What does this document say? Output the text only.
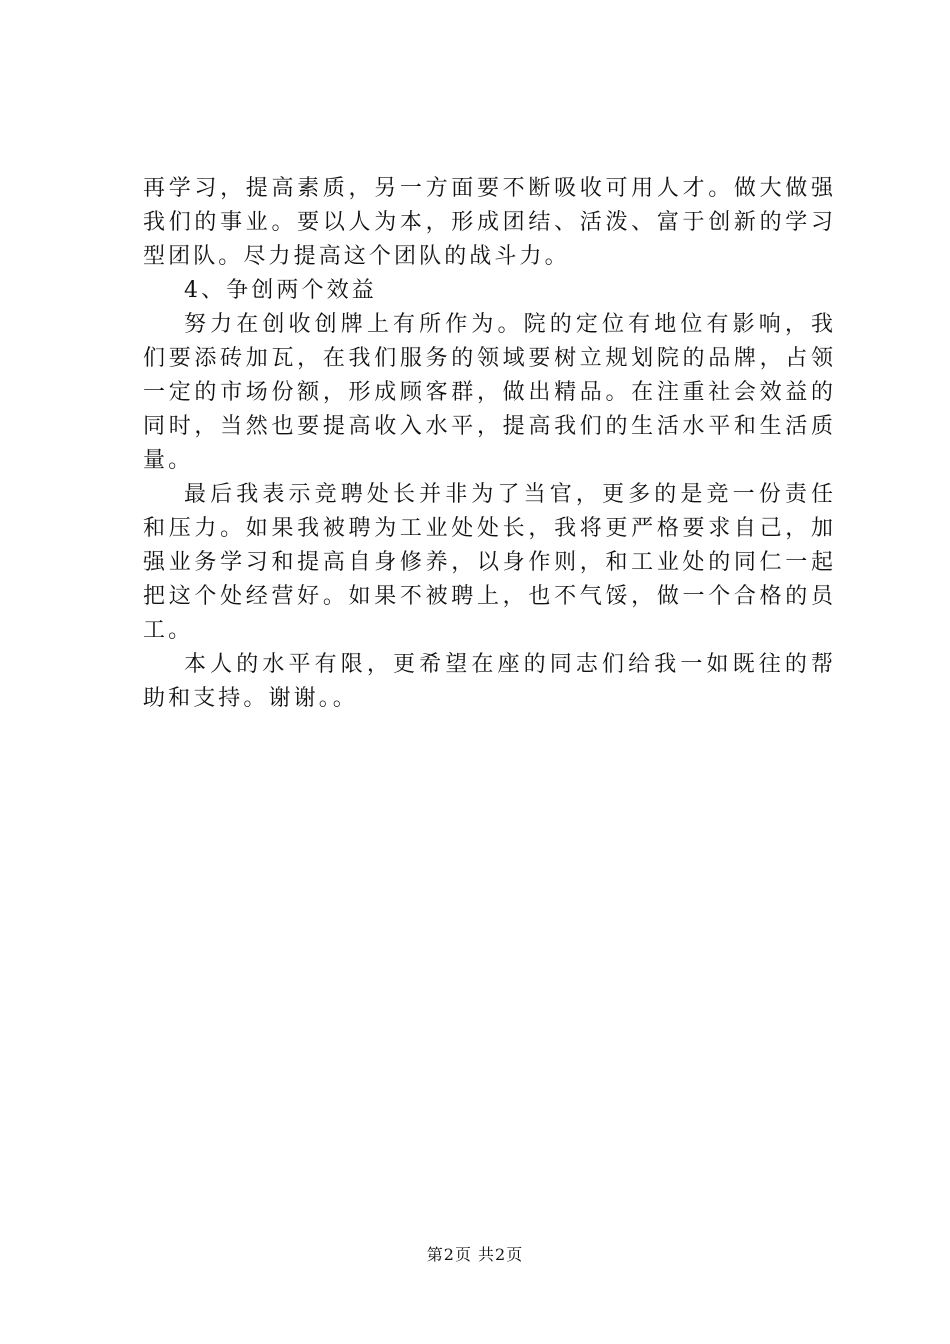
再学习，提高素质，另一方面要不断吸收可用人才。做大做强
我们的事业。要以人为本，形成团结、活泼、富于创新的学习
型团队。尽力提高这个团队的战斗力。
4、争创两个效益
努力在创收创牌上有所作为。院的定位有地位有影响，我
们要添砖加瓦，在我们服务的领域要树立规划院的品牌，占领
一定的市场份额，形成顾客群，做出精品。在注重社会效益的
同时，当然也要提高收入水平，提高我们的生活水平和生活质
量。
最后我表示竞聘处长并非为了当官，更多的是竞一份责任
和压力。如果我被聘为工业处处长，我将更严格要求自己，加
强业务学习和提高自身修养，以身作则，和工业处的同仁一起
把这个处经营好。如果不被聘上，也不气馁，做一个合格的员
工。
本人的水平有限，更希望在座的同志们给我一如既往的帮
助和支持。谢谢。。
第2页 共2页
